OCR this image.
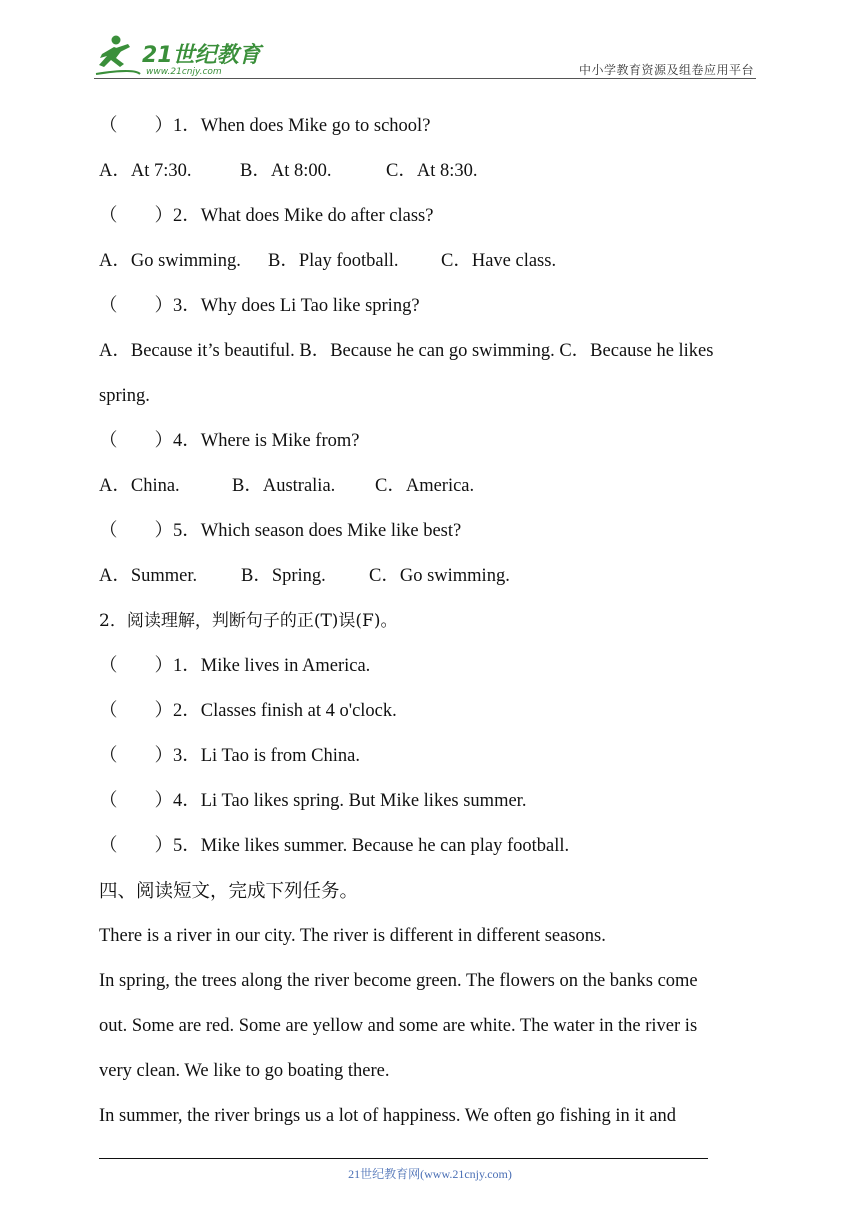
21世纪教育
www.21cnjy.com	中小学教育资源及组卷应用平台
（　　）1．When does Mike go to school?
A．At 7:30.	B．At 8:00.	C．At 8:30.
（　　）2．What does Mike do after class?
A．Go swimming. B．Play football. C．Have class.
（　　）3．Why does Li Tao like spring?
A．Because it’s beautiful. B．Because he can go swimming. C．Because he likes
spring.
（　　）4．Where is Mike from?
A．China.	B．Australia. C．America.
（　　）5．Which season does Mike like best?
A．Summer. B．Spring. C．Go swimming.
2．阅读理解，判断句子的正(T)误(F)。
（　　）1．Mike lives in America.
（　　）2．Classes finish at 4 o'clock.
（　　）3．Li Tao is from China.
（　　）4．Li Tao likes spring. But Mike likes summer.
（　　）5．Mike likes summer. Because he can play football.
四、阅读短文，完成下列任务。
There is a river in our city. The river is different in different seasons.
In spring, the trees along the river become green. The flowers on the banks come
out. Some are red. Some are yellow and some are white. The water in the river is
very clean. We like to go boating there.
In summer, the river brings us a lot of happiness. We often go fishing in it and
21世纪教育网(www.21cnjy.com)
